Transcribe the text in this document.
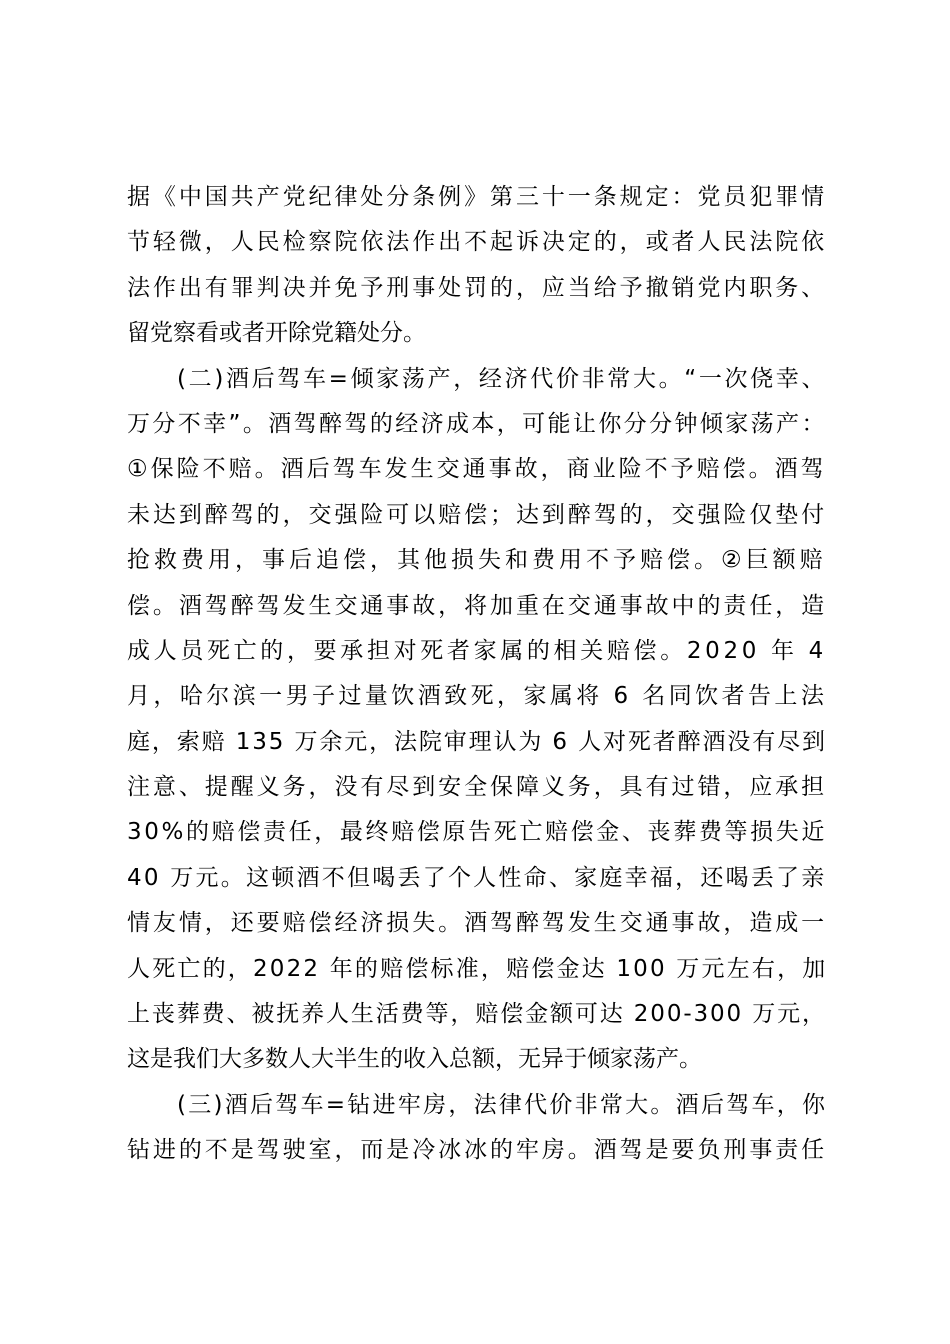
据《中国共产党纪律处分条例》第三十一条规定：党员犯罪情
节轻微，人民检察院依法作出不起诉决定的，或者人民法院依
法作出有罪判决并免予刑事处罚的，应当给予撤销党内职务、
留党察看或者开除党籍处分。
(二)酒后驾车=倾家荡产，经济代价非常大。“一次侥幸、
万分不幸”。酒驾醉驾的经济成本，可能让你分分钟倾家荡产：
①保险不赔。酒后驾车发生交通事故，商业险不予赔偿。酒驾
未达到醉驾的，交强险可以赔偿；达到醉驾的，交强险仅垫付
抢救费用，事后追偿，其他损失和费用不予赔偿。②巨额赔
偿。酒驾醉驾发生交通事故，将加重在交通事故中的责任，造
成人员死亡的，要承担对死者家属的相关赔偿。2020 年 4
月，哈尔滨一男子过量饮酒致死，家属将 6 名同饮者告上法
庭，索赔 135 万余元，法院审理认为 6 人对死者醉酒没有尽到
注意、提醒义务，没有尽到安全保障义务，具有过错，应承担
30%的赔偿责任，最终赔偿原告死亡赔偿金、丧葬费等损失近
40 万元。这顿酒不但喝丢了个人性命、家庭幸福，还喝丢了亲
情友情，还要赔偿经济损失。酒驾醉驾发生交通事故，造成一
人死亡的，2022 年的赔偿标准，赔偿金达 100 万元左右，加
上丧葬费、被抚养人生活费等，赔偿金额可达 200-300 万元，
这是我们大多数人大半生的收入总额，无异于倾家荡产。
(三)酒后驾车=钻进牢房，法律代价非常大。酒后驾车，你
钻进的不是驾驶室，而是冷冰冰的牢房。酒驾是要负刑事责任
